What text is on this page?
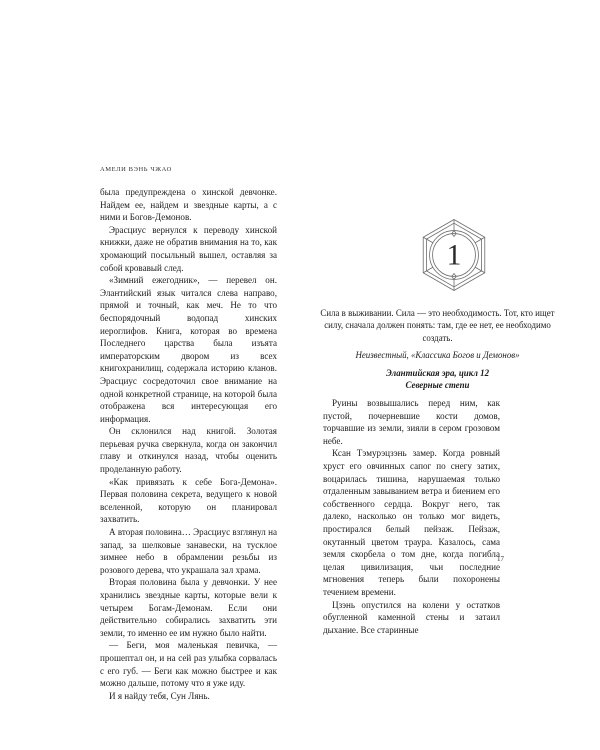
АМЕЛИ ВЭНЬ ЧЖАО

была предупреждена о хинской девчонке. Найдем ее, найдем и звездные карты, а с ними и Богов-Демонов.

Эрасциус вернулся к переводу хинской книжки, даже не обратив внимания на то, как хромающий посыльный вышел, оставляя за собой кровавый след.

«Зимний ежегодник», — перевел он. Элантийский язык читался слева направо, прямой и точный, как меч. Не то что беспорядочный водопад хинских иероглифов. Книга, которая во времена Последнего царства была изъята императорским двором из всех книгохранилищ, содержала историю кланов. Эрасциус сосредоточил свое внимание на одной конкретной странице, на которой была отображена вся интересующая его информация.

Он склонился над книгой. Золотая перьевая ручка сверкнула, когда он закончил главу и откинулся назад, чтобы оценить проделанную работу.

«Как привязать к себе Бога-Демона». Первая половина секрета, ведущего к новой вселенной, которую он планировал захватить.

А вторая половина… Эрасциус взглянул на запад, за шелковые занавески, на тусклое зимнее небо в обрамлении резьбы из розового дерева, что украшала зал храма.

Вторая половина была у девчонки. У нее хранились звездные карты, которые вели к четырем Богам-Демонам. Если они действительно собирались захватить эти земли, то именно ее им нужно было найти.

— Беги, моя маленькая певичка, — прошептал он, и на сей раз улыбка сорвалась с его губ. — Беги как можно быстрее и как можно дальше, потому что я уже иду.

И я найду тебя, Сун Лянь.

1

Сила в выживании. Сила — это необходимость. Тот, кто ищет силу, сначала должен понять: там, где ее нет, ее необходимо создать.

Неизвестный, «Классика Богов и Демонов»

Элантийская эра, цикл 12

Северные степи

Руины возвышались перед ним, как пустой, почерневшие кости домов, торчавшие из земли, зияли в сером грозовом небе.

Ксан Тэмурэцзэнь замер. Когда ровный хруст его овчинных сапог по снегу затих, воцарилась тишина, нарушаемая только отдаленным завыванием ветра и биением его собственного сердца. Вокруг него, так далеко, насколько он только мог видеть, простирался белый пейзаж. Пейзаж, окутанный цветом траура. Казалось, сама земля скорбела о том дне, когда погибла целая цивилизация, чьи последние мгновения теперь были похоронены течением времени.

Цзэнь опустился на колени у остатков обугленной каменной стены и затаил дыхание. Все старинные

17
